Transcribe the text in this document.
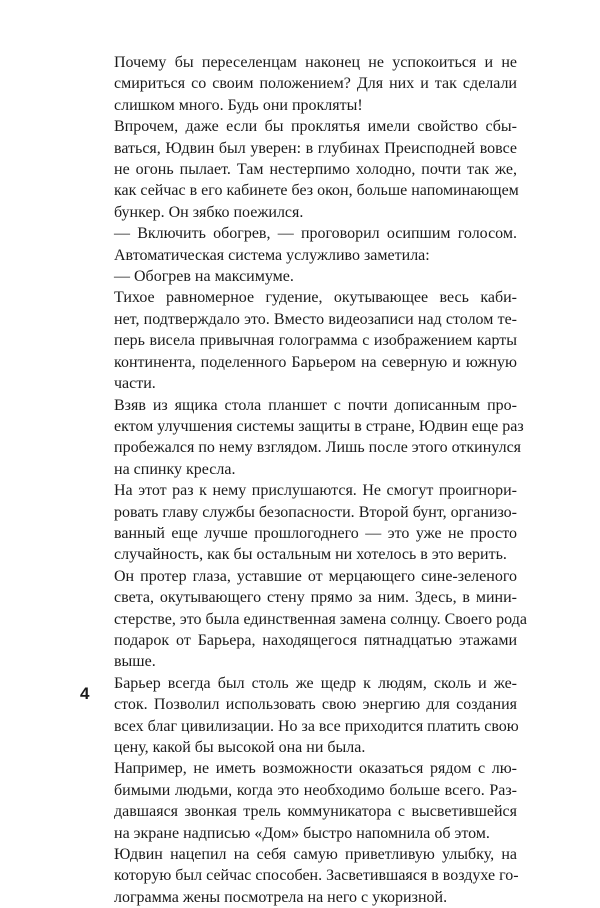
Почему бы переселенцам наконец не успокоиться и не
смириться со своим положением? Для них и так сделали
слишком много. Будь они прокляты!

Впрочем, даже если бы проклятья имели свойство сбы-
ваться, Юдвин был уверен: в глубинах Преисподней вовсе
не огонь пылает. Там нестерпимо холодно, почти так же,
как сейчас в его кабинете без окон, больше напоминающем
бункер. Он зябко поежился.

— Включить обогрев, — проговорил осипшим голосом.
Автоматическая система услужливо заметила:

— Обогрев на максимуме.

Тихое равномерное гудение, окутывающее весь каби-
нет, подтверждало это. Вместо видеозаписи над столом те-
перь висела привычная голограмма с изображением карты
континента, поделенного Барьером на северную и южную
части.

Взяв из ящика стола планшет с почти дописанным про-
ектом улучшения системы защиты в стране, Юдвин еще раз
пробежался по нему взглядом. Лишь после этого откинулся
на спинку кресла.

На этот раз к нему прислушаются. Не смогут проигнори-
ровать главу службы безопасности. Второй бунт, организо-
ванный еще лучше прошлогоднего — это уже не просто
случайность, как бы остальным ни хотелось в это верить.

Он протер глаза, уставшие от мерцающего сине-зеленого
света, окутывающего стену прямо за ним. Здесь, в мини-
стерстве, это была единственная замена солнцу. Своего рода
подарок от Барьера, находящегося пятнадцатью этажами
выше.

Барьер всегда был столь же щедр к людям, сколь и же-
сток. Позволил использовать свою энергию для создания
всех благ цивилизации. Но за все приходится платить свою
цену, какой бы высокой она ни была.

Например, не иметь возможности оказаться рядом с лю-
бимыми людьми, когда это необходимо больше всего. Раз-
давшаяся звонкая трель коммуникатора с высветившейся
на экране надписью «Дом» быстро напомнила об этом.

Юдвин нацепил на себя самую приветливую улыбку, на
которую был сейчас способен. Засветившаяся в воздухе го-
лограмма жены посмотрела на него с укоризной.

4
